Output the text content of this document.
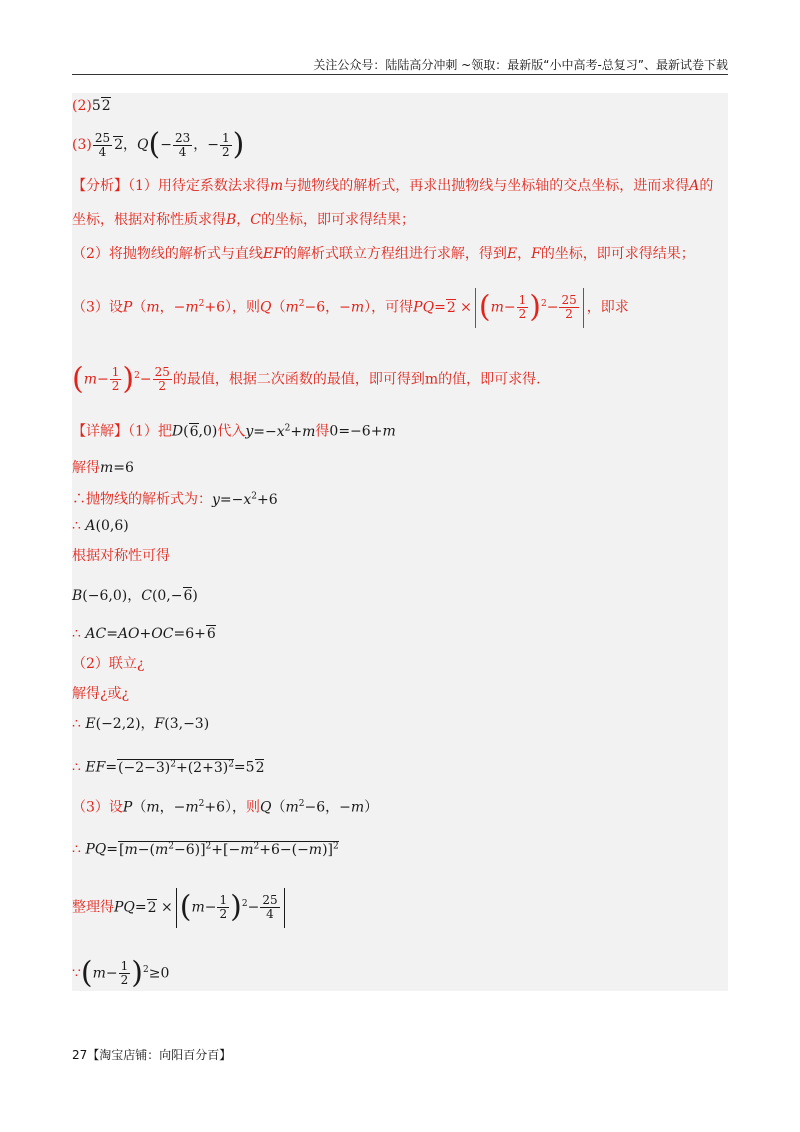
关注公众号：陆陆高分冲刺 ~领取：最新版“小中高考-总复习”、最新试卷下载
(2)52
$(3) \frac{25}{4} 2$，$Q(- \frac{23}{4}$ ，− $\frac{1}{2}$ )
【分析】（1）用待定系数法求得m与抛物线的解析式，再求出抛物线与坐标轴的交点坐标，进而求得A的
坐标，根据对称性质求得B，C的坐标，即可求得结果；
（2）将抛物线的解析式与直线EF的解析式联立方程组进行求解，得到E，F的坐标，即可求得结果；
（3）设P（m，$-m^2+6$），则$Q(m^2-6$，−m），可得$PQ=2 \times (m- \frac{1}{2} )^2- \frac{25}{2}$ ，即求
$(m- \frac{1}{2} )^2- \frac{25}{2}$ 的最值，根据二次函数的最值，即可得到m的值，即可求得.
【详解】（1）把D(6,0)代入$y=-x^2+m$得0=−6+m
解得m=6
∴抛物线的解析式为：$y=-x^2+6$
∴ A(0,6)
根据对称性可得
B(−6,0)，C(0,−6)
∴ AC=AO+OC=6+6
（2）联立¿
解得¿或¿
∴ E(−2,2)，F(3,−3)
∴ $EF=(-2-3)^2+(2+3)^2=52$
（3）设P（m，$-m^2+6$），则$Q(m^2-6$，−m）
∴ $PQ=[m-(m^2-6)]^2+[-m^2+6-(-m)]^2$
整理得$PQ=2 \times (m- \frac{1}{2} )^2- \frac{25}{4}$
∵(m− $\frac{1}{2} )^2\ge 0$
27【淘宝店铺：向阳百分百】
